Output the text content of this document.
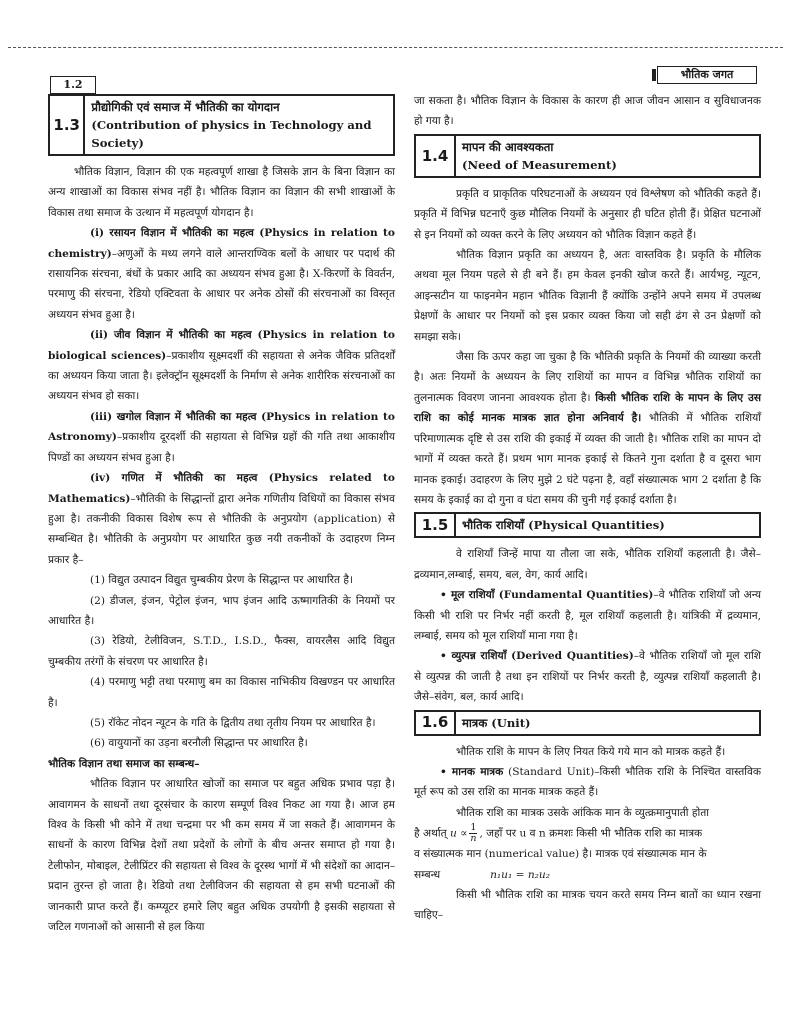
भौतिक जगत
1.2
1.3
प्रौद्योगिकी एवं समाज में भौतिकी का योगदान
(Contribution of physics in Technology and Society)

भौतिक विज्ञान, विज्ञान की एक महत्वपूर्ण शाखा है जिसके ज्ञान के बिना विज्ञान का अन्य शाखाओं का विकास संभव नहीं है। भौतिक विज्ञान का विज्ञान की सभी शाखाओं के विकास तथा समाज के उत्थान में महत्वपूर्ण योगदान है।

(i) रसायन विज्ञान में भौतिकी का महत्व (Physics in relation to chemistry)–अणुओं के मध्य लगने वाले आन्तराण्विक बलों के आधार पर पदार्थ की रासायनिक संरचना, बंधों के प्रकार आदि का अध्ययन संभव हुआ है। X-किरणों के विवर्तन, परमाणु की संरचना, रेडियो एक्टिवता के आधार पर अनेक ठोसों की संरचनाओं का विस्तृत अध्ययन संभव हुआ है।

(ii) जीव विज्ञान में भौतिकी का महत्व (Physics in relation to biological sciences)–प्रकाशीय सूक्ष्मदर्शी की सहायता से अनेक जैविक प्रतिदर्शों का अध्ययन किया जाता है। इलेक्ट्रॉन सूक्ष्मदर्शी के निर्माण से अनेक शारीरिक संरचनाओं का अध्ययन संभव हो सका।

(iii) खगोल विज्ञान में भौतिकी का महत्व (Physics in relation to Astronomy)–प्रकाशीय दूरदर्शी की सहायता से विभिन्न ग्रहों की गति तथा आकाशीय पिण्डों का अध्ययन संभव हुआ है।

(iv) गणित में भौतिकी का महत्व (Physics related to Mathematics)–भौतिकी के सिद्धान्तों द्वारा अनेक गणितीय विधियों का विकास संभव हुआ है। तकनीकी विकास विशेष रूप से भौतिकी के अनुप्रयोग (application) से सम्बन्धित है। भौतिकी के अनुप्रयोग पर आधारित कुछ नयी तकनीकों के उदाहरण निम्न प्रकार है–

(1) विद्युत उत्पादन विद्युत चुम्बकीय प्रेरण के सिद्धान्त पर आधारित है।

(2) डीजल, इंजन, पेट्रोल इंजन, भाप इंजन आदि ऊष्मागतिकी के नियमों पर आधारित है।

(3) रेडियो, टेलीविजन, S.T.D., I.S.D., फैक्स, वायरलैस आदि विद्युत चुम्बकीय तरंगों के संचरण पर आधारित है।

(4) परमाणु भट्टी तथा परमाणु बम का विकास नाभिकीय विखण्डन पर आधारित है।

(5) रॉकेट नोदन न्यूटन के गति के द्वितीय तथा तृतीय नियम पर आधारित है।

(6) वायुयानों का उड़ना बरनौली सिद्धान्त पर आधारित है।

भौतिक विज्ञान तथा समाज का सम्बन्ध–

भौतिक विज्ञान पर आधारित खोजों का समाज पर बहुत अधिक प्रभाव पड़ा है। आवागमन के साधनों तथा दूरसंचार के कारण सम्पूर्ण विश्व निकट आ गया है। आज हम विश्व के किसी भी कोने में तथा चन्द्रमा पर भी कम समय में जा सकते हैं। आवागमन के साधनों के कारण विभिन्न देशों तथा प्रदेशों के लोगों के बीच अन्तर समाप्त हो गया है। टेलीफोन, मोबाइल, टेलीप्रिंटर की सहायता से विश्व के दूरस्थ भागों में भी संदेशों का आदान–प्रदान तुरन्त हो जाता है। रेडियो तथा टेलीविजन की सहायता से हम सभी घटनाओं की जानकारी प्राप्त करते हैं। कम्प्यूटर हमारे लिए बहुत अधिक उपयोगी है इसकी सहायता से जटिल गणनाओं को आसानी से हल किया

जा सकता है। भौतिक विज्ञान के विकास के कारण ही आज जीवन आसान व सुविधाजनक हो गया है।

1.4	मापन की आवश्यकता
(Need of Measurement)

प्रकृति व प्राकृतिक परिघटनाओं के अध्ययन एवं विश्लेषण को भौतिकी कहते हैं। प्रकृति में विभिन्न घटनाएँ कुछ मौलिक नियमों के अनुसार ही घटित होती हैं। प्रेक्षित घटनाओं से इन नियमों को व्यक्त करने के लिए अध्ययन को भौतिक विज्ञान कहते हैं।

भौतिक विज्ञान प्रकृति का अध्ययन है, अतः वास्तविक है। प्रकृति के मौलिक अथवा मूल नियम पहले से ही बने हैं। हम केवल इनकी खोज करते हैं। आर्यभट्ट, न्यूटन, आइन्सटीन या फाइनमेन महान भौतिक विज्ञानी हैं क्योंकि उन्होंने अपने समय में उपलब्ध प्रेक्षणों के आधार पर नियमों को इस प्रकार व्यक्त किया जो सही ढंग से उन प्रेक्षणों को समझा सके।

जैसा कि ऊपर कहा जा चुका है कि भौतिकी प्रकृति के नियमों की व्याख्या करती है। अतः नियमों के अध्ययन के लिए राशियों का मापन व विभिन्न भौतिक राशियों का तुलनात्मक विवरण जानना आवश्यक होता है। किसी भौतिक राशि के मापन के लिए उस राशि का कोई मानक मात्रक ज्ञात होना अनिवार्य है। भौतिकी में भौतिक राशियाँ परिमाणात्मक दृष्टि से उस राशि की इकाई में व्यक्त की जाती है। भौतिक राशि का मापन दो भागों में व्यक्त करते हैं। प्रथम भाग मानक इकाई से कितने गुना दर्शाता है व दूसरा भाग मानक इकाई। उदाहरण के लिए मुझे 2 घंटे पढ़ना है, वहाँ संख्यात्मक भाग 2 दर्शाता है कि समय के इकाई का दो गुना व घंटा समय की चुनी गई इकाई दर्शाता है।

1.5	भौतिक राशियाँ (Physical Quantities)

वे राशियाँ जिन्हें मापा या तौला जा सके, भौतिक राशियाँ कहलाती है। जैसे–द्रव्यमान,लम्बाई, समय, बल, वेग, कार्य आदि।

• मूल राशियाँ (Fundamental Quantities)–वे भौतिक राशियाँ जो अन्य किसी भी राशि पर निर्भर नहीं करती है, मूल राशियाँ कहलाती है। यांत्रिकी में द्रव्यमान, लम्बाई, समय को मूल राशियाँ माना गया है।

• व्युत्पन्न राशियाँ (Derived Quantities)–वे भौतिक राशियाँ जो मूल राशि से व्युत्पन्न की जाती है तथा इन राशियों पर निर्भर करती है, व्युत्पन्न राशियाँ कहलाती है। जैसे–संवेग, बल, कार्य आदि।

1.6	मात्रक (Unit)

भौतिक राशि के मापन के लिए नियत किये गये मान को मात्रक कहते हैं।

• मानक मात्रक (Standard Unit)–किसी भौतिक राशि के निश्चित वास्तविक मूर्त रूप को उस राशि का मानक मात्रक कहते हैं।

भौतिक राशि का मात्रक उसके आंकिक मान के व्युत्क्रमानुपाती होता

है अर्थात् $u \propto \frac{1}{n}$ , जहाँ पर u व n क्रमशः किसी भी भौतिक राशि का मात्रक

व संख्यात्मक मान (numerical value) है। मात्रक एवं संख्यात्मक मान के

सम्बन्ध	n₁u₁ = n₂u₂

किसी भी भौतिक राशि का मात्रक चयन करते समय निम्न बातों का ध्यान रखना चाहिए–
